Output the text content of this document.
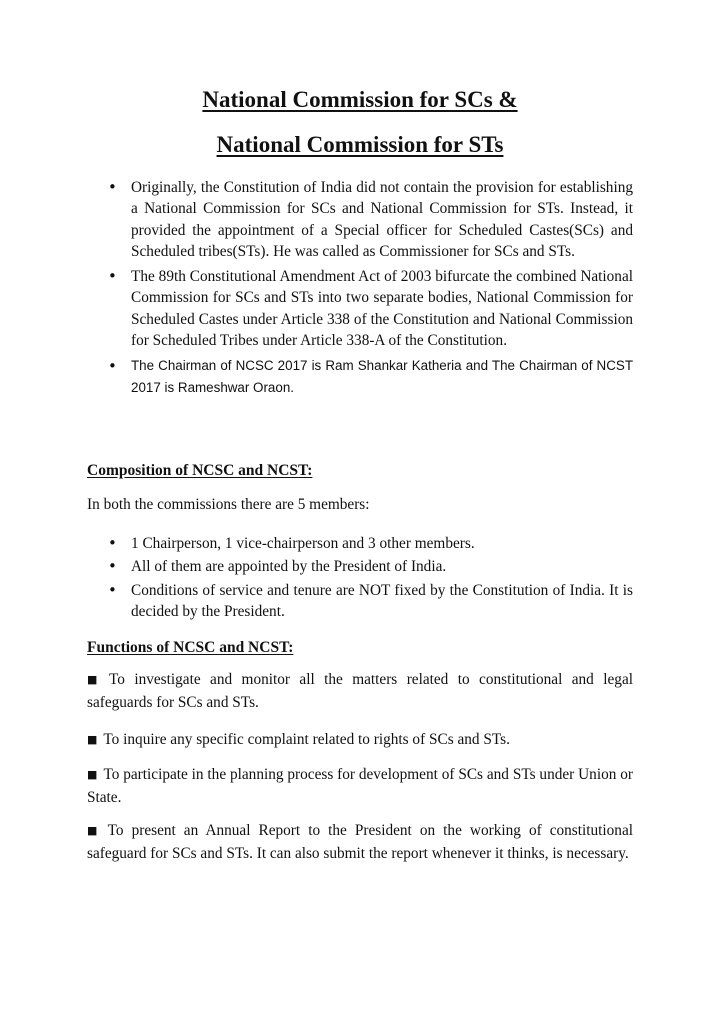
National Commission for SCs &
National Commission for STs
• Originally, the Constitution of India did not contain the provision for establishing a National Commission for SCs and National Commission for STs. Instead, it provided the appointment of a Special officer for Scheduled Castes(SCs) and Scheduled tribes(STs). He was called as Commissioner for SCs and STs.
• The 89th Constitutional Amendment Act of 2003 bifurcate the combined National Commission for SCs and STs into two separate bodies, National Commission for Scheduled Castes under Article 338 of the Constitution and National Commission for Scheduled Tribes under Article 338-A of the Constitution.
• The Chairman of NCSC 2017 is Ram Shankar Katheria and The Chairman of NCST 2017 is Rameshwar Oraon.
Composition of NCSC and NCST:

In both the commissions there are 5 members:

• 1 Chairperson, 1 vice-chairperson and 3 other members.
• All of them are appointed by the President of India.
• Conditions of service and tenure are NOT fixed by the Constitution of India. It is decided by the President.
Functions of NCSC and NCST:

■ To investigate and monitor all the matters related to constitutional and legal safeguards for SCs and STs.

■ To inquire any specific complaint related to rights of SCs and STs.

■ To participate in the planning process for development of SCs and STs under Union or State.

■ To present an Annual Report to the President on the working of constitutional safeguard for SCs and STs. It can also submit the report whenever it thinks, is necessary.
